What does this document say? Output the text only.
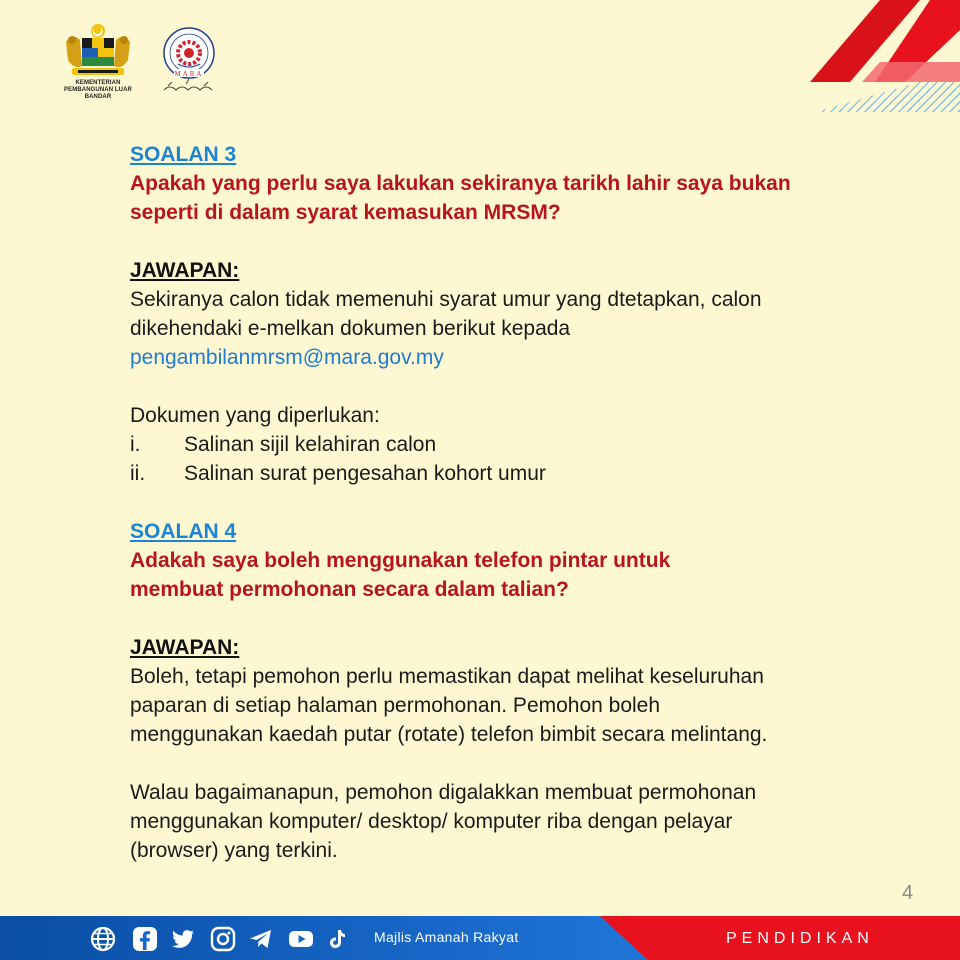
KEMENTERIAN
PEMBANGUNAN LUAR BANDAR
MARA
SOALAN 3
Apakah yang perlu saya lakukan sekiranya tarikh lahir saya bukan
seperti di dalam syarat kemasukan MRSM?
JAWAPAN:
Sekiranya calon tidak memenuhi syarat umur yang dtetapkan, calon
dikehendaki e-melkan dokumen berikut kepada
pengambilanmrsm@mara.gov.my
Dokumen yang diperlukan:
i.	Salinan sijil kelahiran calon
ii.	Salinan surat pengesahan kohort umur
SOALAN 4
Adakah saya boleh menggunakan telefon pintar untuk
membuat permohonan secara dalam talian?
JAWAPAN:
Boleh, tetapi pemohon perlu memastikan dapat melihat keseluruhan
paparan di setiap halaman permohonan. Pemohon boleh
menggunakan kaedah putar (rotate) telefon bimbit secara melintang.
Walau bagaimanapun, pemohon digalakkan membuat permohonan
menggunakan komputer/ desktop/ komputer riba dengan pelayar
(browser) yang terkini.
4
Majlis Amanah Rakyat	PENDIDIKAN
